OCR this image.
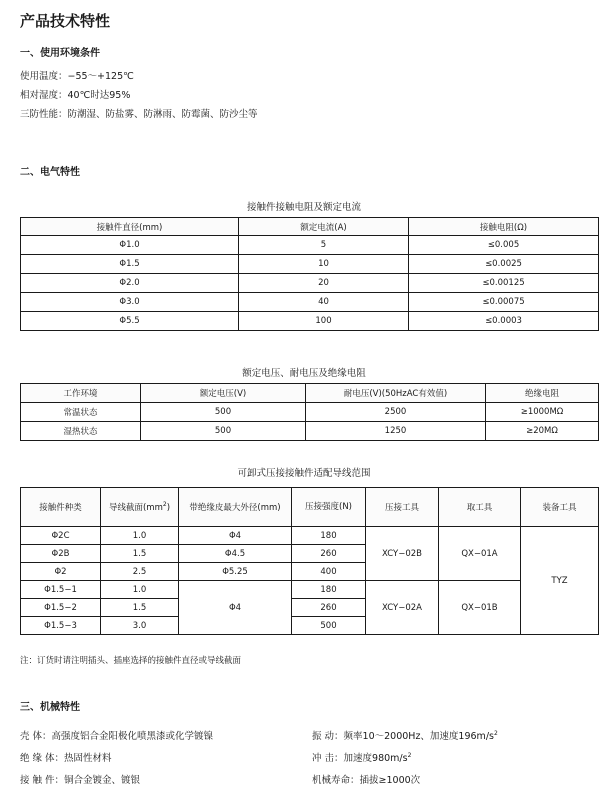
产品技术特性
一、使用环境条件
使用温度：−55～+125℃
相对湿度：40℃时达95%
三防性能：防潮湿、防盐雾、防淋雨、防霉菌、防沙尘等
二、电气特性
接触件接触电阻及额定电流
接触件直径(mm)	额定电流(A)	接触电阻(Ω)
Φ1.0	5	≤0.005
Φ1.5	10	≤0.0025
Φ2.0	20	≤0.00125
Φ3.0	40	≤0.00075
Φ5.5	100	≤0.0003
额定电压、耐电压及绝缘电阻
工作环境	额定电压(V)	耐电压(V)(50HzAC有效值)	绝缘电阻
常温状态	500	2500	≥1000MΩ
湿热状态	500	1250	≥20MΩ
可卸式压接接触件适配导线范围
接触件种类	导线截面$(mm^2)$	带绝缘皮最大外径(mm)	压接强度(N)	压接工具	取工具	装备工具
Φ2C	1.0	Φ4	180	XCY−02B	QX−01A	TYZ
Φ2B	1.5	Φ4.5	260			
Φ2	2.5	Φ5.25	400			
Φ1.5−1	1.0	Φ4	180	XCY−02A	QX−01B	
Φ1.5−2	1.5		260			
Φ1.5−3	3.0		500			
注：订货时请注明插头、插座选择的接触件直径或导线截面
三、机械特性
壳 体：高强度铝合金阳极化喷黑漆或化学镀镍
绝 缘 体：热固性材料
接 触 件：铜合金镀金、镀银
振 动：频率10～2000Hz、加速度$196m/s^2$
冲 击：加速度$980m/s^2$
机械寿命：插拔≥1000次
